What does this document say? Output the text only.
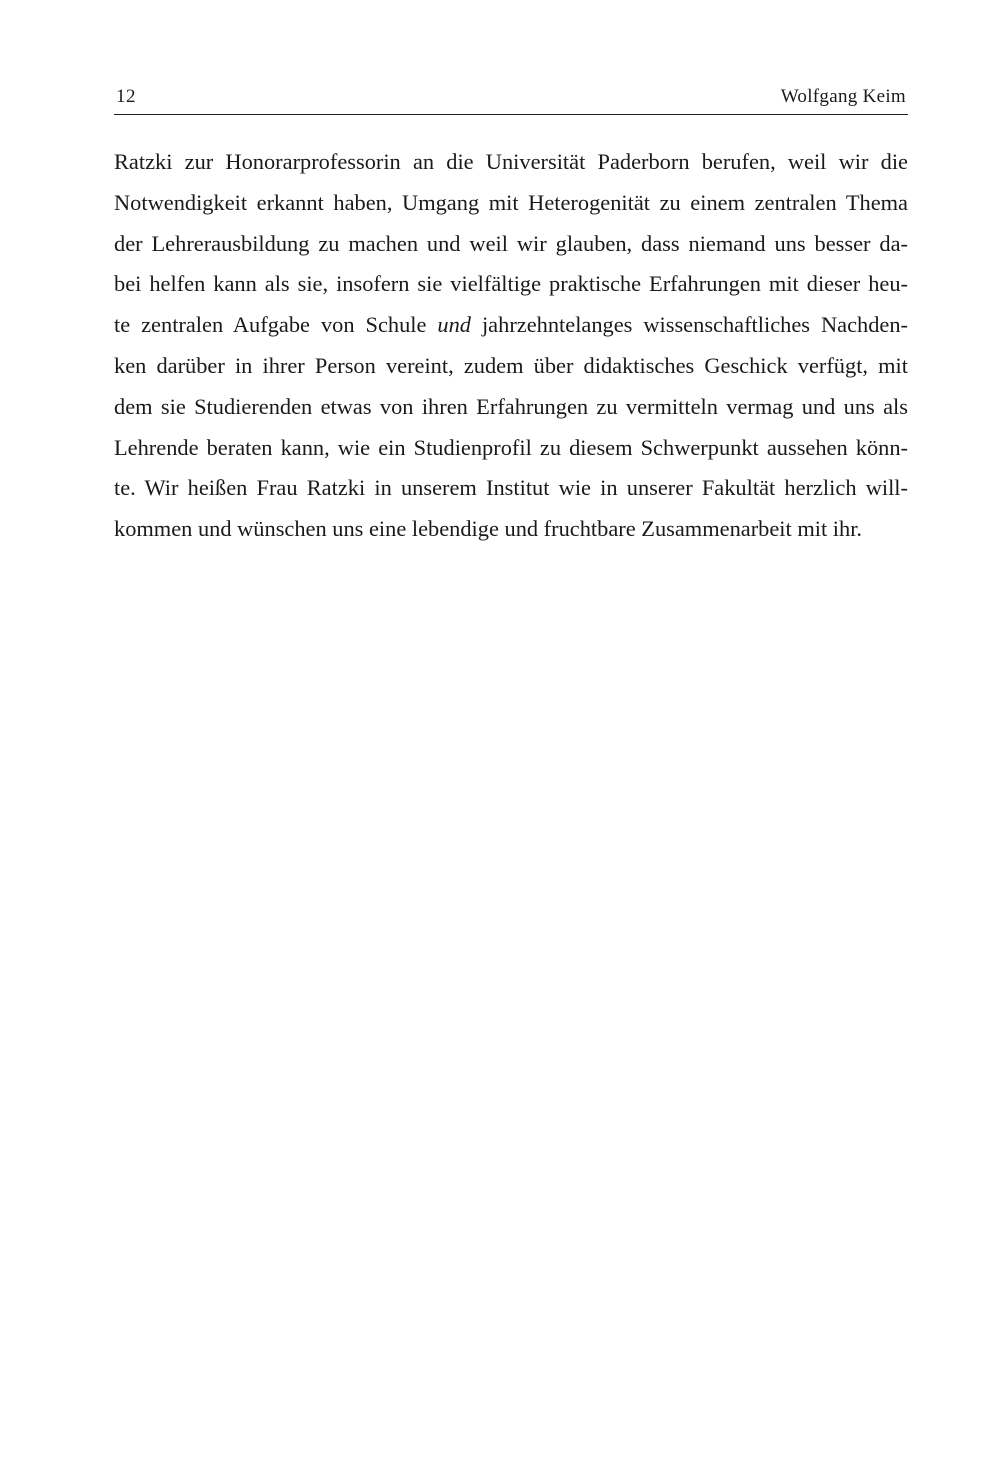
12	Wolfgang Keim
Ratzki zur Honorarprofessorin an die Universität Paderborn berufen, weil wir die
Notwendigkeit erkannt haben, Umgang mit Heterogenität zu einem zentralen Thema
der Lehrerausbildung zu machen und weil wir glauben, dass niemand uns besser da-
bei helfen kann als sie, insofern sie vielfältige praktische Erfahrungen mit dieser heu-
te zentralen Aufgabe von Schule und jahrzehntelanges wissenschaftliches Nachden-
ken darüber in ihrer Person vereint, zudem über didaktisches Geschick verfügt, mit
dem sie Studierenden etwas von ihren Erfahrungen zu vermitteln vermag und uns als
Lehrende beraten kann, wie ein Studienprofil zu diesem Schwerpunkt aussehen könn-
te. Wir heißen Frau Ratzki in unserem Institut wie in unserer Fakultät herzlich will-
kommen und wünschen uns eine lebendige und fruchtbare Zusammenarbeit mit ihr.
